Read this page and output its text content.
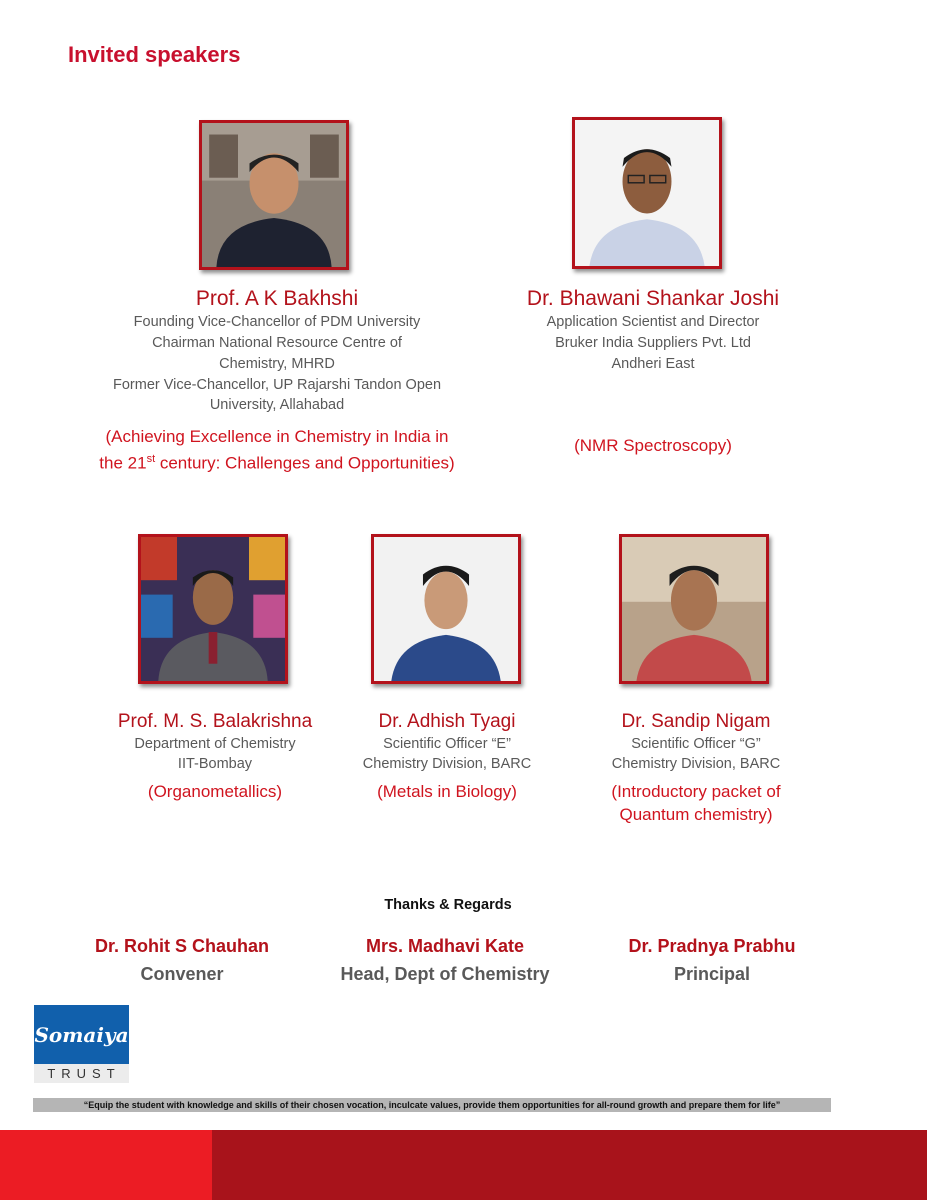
Invited speakers
Prof. A K Bakhshi
Founding Vice-Chancellor of PDM University
Chairman National Resource Centre of
Chemistry, MHRD
Former Vice-Chancellor, UP Rajarshi Tandon Open
University, Allahabad
(Achieving Excellence in Chemistry in India in
the 21st century: Challenges and Opportunities)
Dr. Bhawani Shankar Joshi
Application Scientist and Director
Bruker India Suppliers Pvt. Ltd
Andheri East
(NMR Spectroscopy)
Prof. M. S. Balakrishna
Department of Chemistry
IIT-Bombay
(Organometallics)
Dr. Adhish Tyagi
Scientific Officer “E”
Chemistry Division, BARC
(Metals in Biology)
Dr. Sandip Nigam
Scientific Officer “G”
Chemistry Division, BARC
(Introductory packet of
Quantum chemistry)
Thanks & Regards
Dr. Rohit S Chauhan
Convener
Mrs. Madhavi Kate
Head, Dept of Chemistry
Dr. Pradnya Prabhu
Principal
Somaiya
TRUST
“Equip the student with knowledge and skills of their chosen vocation, inculcate values, provide them opportunities for all-round growth and prepare them for life”
